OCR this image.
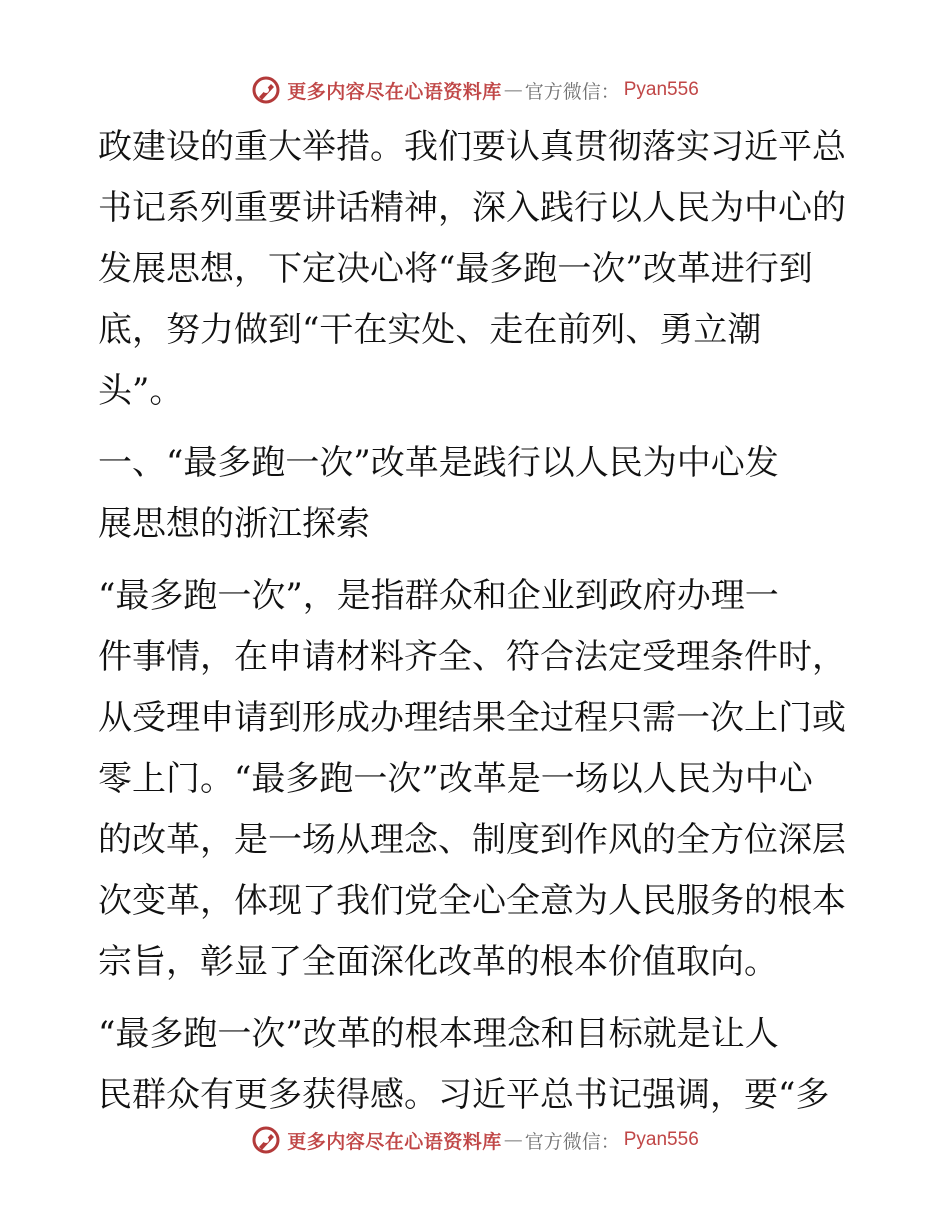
更多内容尽在心语资料库 — 官方微信： Pyan556
政建设的重大举措。我们要认真贯彻落实习近平总
书记系列重要讲话精神，深入践行以人民为中心的
发展思想，下定决心将“最多跑一次”改革进行到
底，努力做到“干在实处、走在前列、勇立潮
头”。
一、“最多跑一次”改革是践行以人民为中心发
展思想的浙江探索
“最多跑一次”，是指群众和企业到政府办理一
件事情，在申请材料齐全、符合法定受理条件时，
从受理申请到形成办理结果全过程只需一次上门或
零上门。“最多跑一次”改革是一场以人民为中心
的改革，是一场从理念、制度到作风的全方位深层
次变革，体现了我们党全心全意为人民服务的根本
宗旨，彰显了全面深化改革的根本价值取向。
“最多跑一次”改革的根本理念和目标就是让人
民群众有更多获得感。习近平总书记强调，要“多
更多内容尽在心语资料库 — 官方微信： Pyan556
